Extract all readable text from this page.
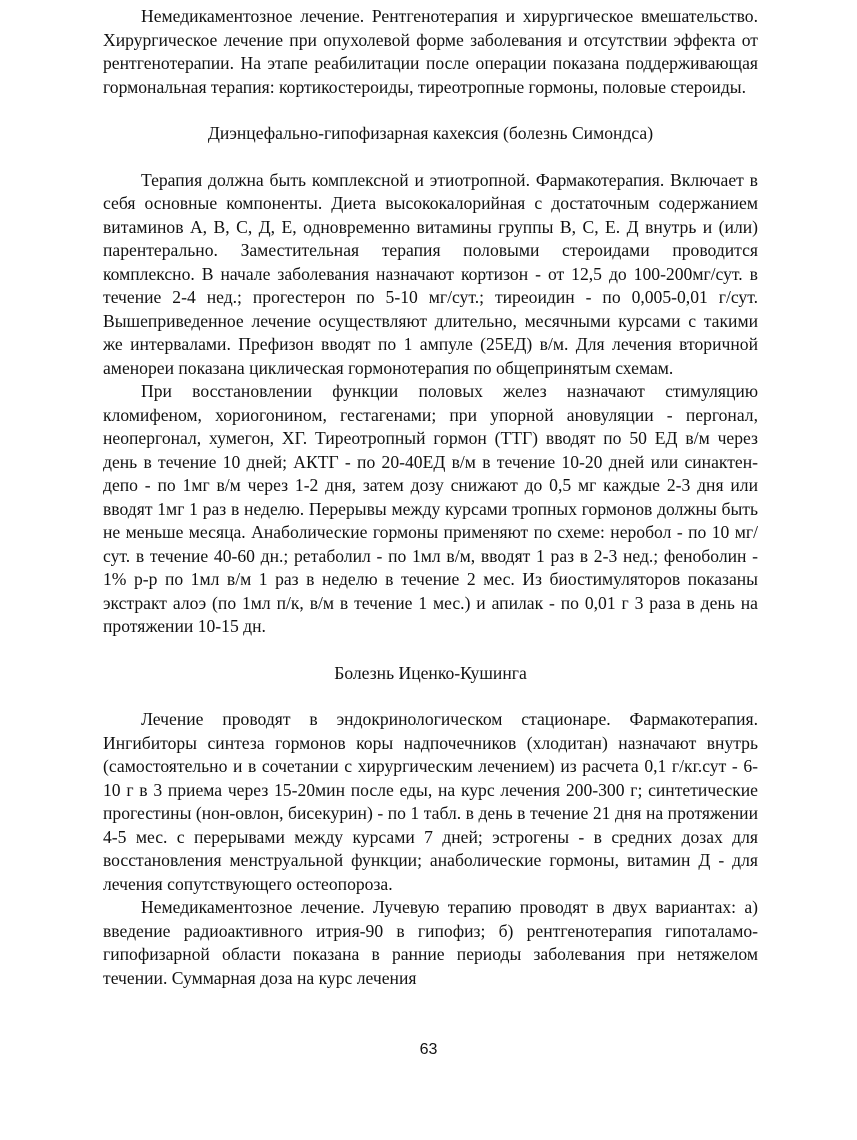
Немедикаментозное лечение. Рентгенотерапия и хирургическое вмешательство. Хирургическое лечение при опухолевой форме заболевания и отсутствии эффекта от рентгенотерапии. На этапе реабилитации после операции показана поддерживающая гормональная терапия: кортикостероиды, тиреотропные гормоны, половые стероиды.

Диэнцефально-гипофизарная кахексия (болезнь Симондса)

Терапия должна быть комплексной и этиотропной. Фармакотерапия. Включает в себя основные компоненты. Диета высококалорийная с достаточным содержанием витаминов А, В, С, Д, Е, одновременно витамины группы В, С, Е. Д внутрь и (или) парентерально. Заместительная терапия половыми стероидами проводится комплексно. В начале заболевания назначают кортизон - от 12,5 до 100-200мг/сут. в течение 2-4 нед.; прогестерон по 5-10 мг/сут.; тиреоидин - по 0,005-0,01 г/сут. Вышеприведенное лечение осуществляют длительно, месячными курсами с такими же интервалами. Префизон вводят по 1 ампуле (25ЕД) в/м. Для лечения вторичной аменореи показана циклическая гормонотерапия по общепринятым схемам.

При восстановлении функции половых желез назначают стимуляцию кломифеном, хориогонином, гестагенами; при упорной ановуляции - пергонал, неопергонал, хумегон, ХГ. Тиреотропный гормон (ТТГ) вводят по 50 ЕД в/м через день в течение 10 дней; АКТГ - по 20-40ЕД в/м в течение 10-20 дней или синактен-депо - по 1мг в/м через 1-2 дня, затем дозу снижают до 0,5 мг каждые 2-3 дня или вводят 1мг 1 раз в неделю. Перерывы между курсами тропных гормонов должны быть не меньше месяца. Анаболические гормоны применяют по схеме: неробол - по 10 мг/сут. в течение 40-60 дн.; ретаболил - по 1мл в/м, вводят 1 раз в 2-3 нед.; феноболин - 1% р-р по 1мл в/м 1 раз в неделю в течение 2 мес. Из биостимуляторов показаны экстракт алоэ (по 1мл п/к, в/м в течение 1 мес.) и апилак - по 0,01 г 3 раза в день на протяжении 10-15 дн.

Болезнь Иценко-Кушинга

Лечение проводят в эндокринологическом стационаре. Фармакотерапия. Ингибиторы синтеза гормонов коры надпочечников (хлодитан) назначают внутрь (самостоятельно и в сочетании с хирургическим лечением) из расчета 0,1 г/кг.сут - 6-10 г в 3 приема через 15-20мин после еды, на курс лечения 200-300 г; синтетические прогестины (нон-овлон, бисекурин) - по 1 табл. в день в течение 21 дня на протяжении 4-5 мес. с перерывами между курсами 7 дней; эстрогены - в средних дозах для восстановления менструальной функции; анаболические гормоны, витамин Д - для лечения сопутствующего остеопороза.

Немедикаментозное лечение. Лучевую терапию проводят в двух вариантах: а) введение радиоактивного итрия-90 в гипофиз; б) рентгенотерапия гипоталамо-гипофизарной области показана в ранние периоды заболевания при нетяжелом течении. Суммарная доза на курс лечения

63
